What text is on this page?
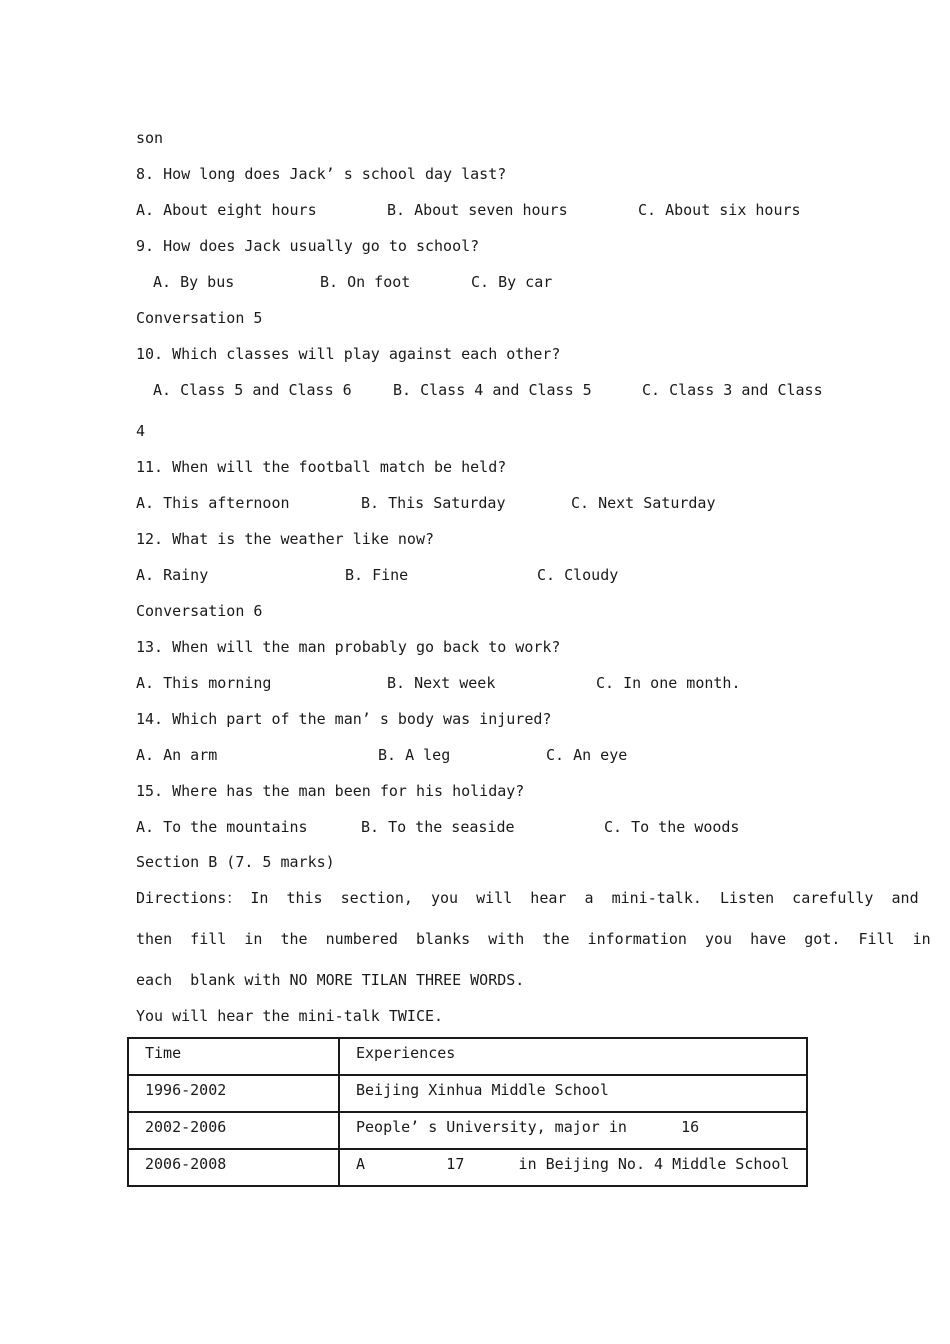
son
8. How long does Jack’ s school day last?
A. About eight hours	B. About seven hours	C. About six hours
9. How does Jack usually go to school?
A. By bus	B. On foot	C. By car
Conversation 5
10. Which classes will play against each other?
A. Class 5 and Class 6	B. Class 4 and Class 5	C. Class 3 and Class
4
11. When will the football match be held?
A. This afternoon	B. This Saturday	C. Next Saturday
12. What is the weather like now?
A. Rainy	B. Fine	C. Cloudy
Conversation 6
13. When will the man probably go back to work?
A. This morning	B. Next week	C. In one month.
14. Which part of the man’ s body was injured?
A. An arm	B. A leg	C. An eye
15. Where has the man been for his holiday?
A. To the mountains	B. To the seaside	C. To the woods
Section B (7. 5 marks)
Directions： In  this  section,  you  will  hear  a  mini-talk.  Listen  carefully  and
then  fill  in  the  numbered  blanks  with  the  information  you  have  got.  Fill  in
each  blank with NO MORE TILAN THREE WORDS.
You will hear the mini-talk TWICE.
Time	Experiences
1996-2002	Beijing Xinhua Middle School
2002-2006	People’ s University, major in      16
2006-2008	A         17      in Beijing No. 4 Middle School
